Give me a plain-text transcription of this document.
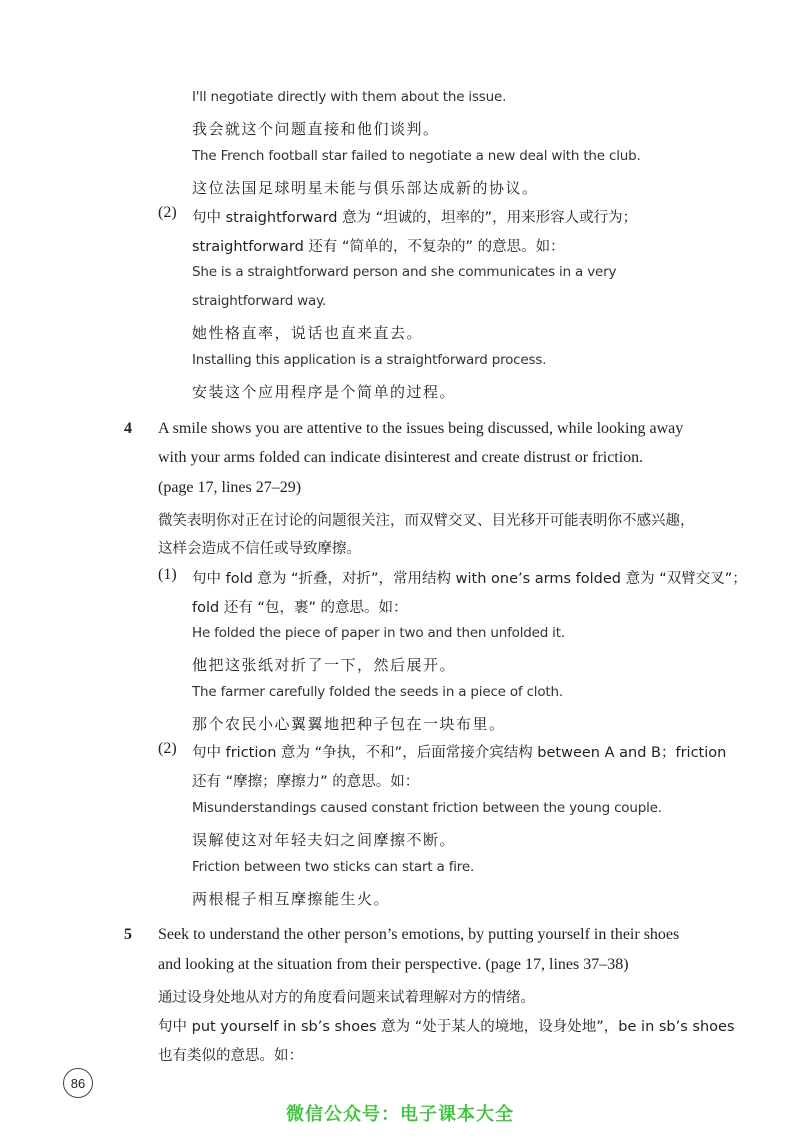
I'll negotiate directly with them about the issue.
我会就这个问题直接和他们谈判。
The French football star failed to negotiate a new deal with the club.
这位法国足球明星未能与俱乐部达成新的协议。
(2) 句中 straightforward 意为 “坦诚的，坦率的”，用来形容人或行为；
straightforward 还有 “简单的，不复杂的” 的意思。如：
She is a straightforward person and she communicates in a very
straightforward way.
她性格直率，说话也直来直去。
Installing this application is a straightforward process.
安装这个应用程序是个简单的过程。
4 A smile shows you are attentive to the issues being discussed, while looking away
with your arms folded can indicate disinterest and create distrust or friction.
(page 17, lines 27–29)
微笑表明你对正在讨论的问题很关注，而双臂交叉、目光移开可能表明你不感兴趣，
这样会造成不信任或导致摩擦。
(1) 句中 fold 意为 “折叠，对折”，常用结构 with one’s arms folded 意为 “双臂交叉”；
fold 还有 “包，裹” 的意思。如：
He folded the piece of paper in two and then unfolded it.
他把这张纸对折了一下，然后展开。
The farmer carefully folded the seeds in a piece of cloth.
那个农民小心翼翼地把种子包在一块布里。
(2) 句中 friction 意为 “争执，不和”，后面常接介宾结构 between A and B；friction
还有 “摩擦；摩擦力” 的意思。如：
Misunderstandings caused constant friction between the young couple.
误解使这对年轻夫妇之间摩擦不断。
Friction between two sticks can start a fire.
两根棍子相互摩擦能生火。
5 Seek to understand the other person’s emotions, by putting yourself in their shoes
and looking at the situation from their perspective. (page 17, lines 37–38)
通过设身处地从对方的角度看问题来试着理解对方的情绪。
句中 put yourself in sb’s shoes 意为 “处于某人的境地，设身处地”，be in sb’s shoes
也有类似的意思。如：
86
微信公众号：电子课本大全
